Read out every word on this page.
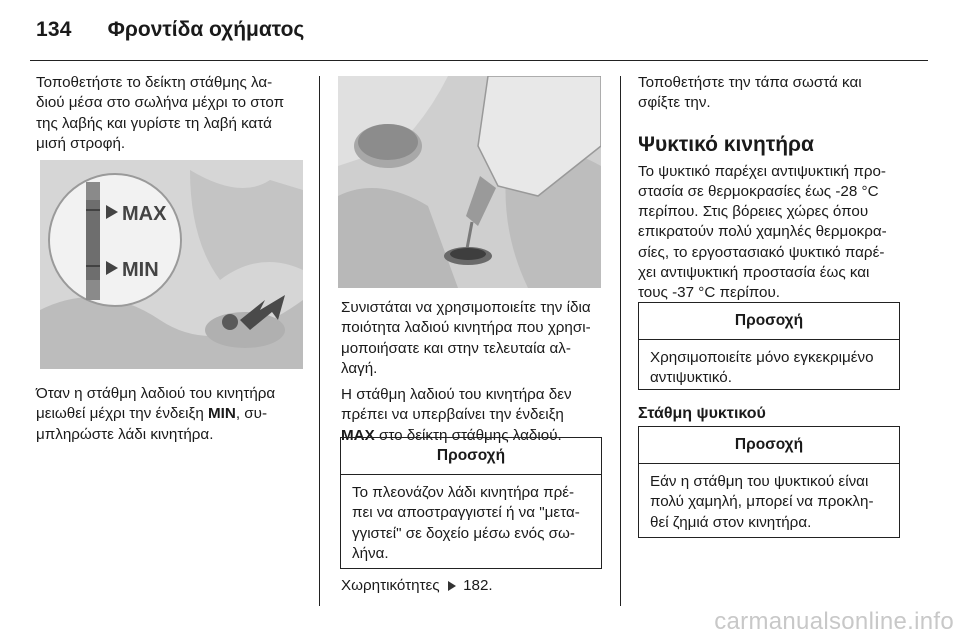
134 Φροντίδα οχήματος
Τοποθετήστε το δείκτη στάθμης λα-
διού μέσα στο σωλήνα μέχρι το στοπ
της λαβής και γυρίστε τη λαβή κατά
μισή στροφή.
MAX
MIN
Όταν η στάθμη λαδιού του κινητήρα
μειωθεί μέχρι την ένδειξη MIN, συ-
μπληρώστε λάδι κινητήρα.
Συνιστάται να χρησιμοποιείτε την ίδια
ποιότητα λαδιού κινητήρα που χρησι-
μοποιήσατε και στην τελευταία αλ-
λαγή.
Η στάθμη λαδιού του κινητήρα δεν
πρέπει να υπερβαίνει την ένδειξη
MAX στο δείκτη στάθμης λαδιού.
Προσοχή
Το πλεονάζον λάδι κινητήρα πρέ-
πει να αποστραγγιστεί ή να "μετα-
γγιστεί" σε δοχείο μέσω ενός σω-
λήνα.
Χωρητικότητες 182.
Τοποθετήστε την τάπα σωστά και
σφίξτε την.
Ψυκτικό κινητήρα
Το ψυκτικό παρέχει αντιψυκτική προ-
στασία σε θερμοκρασίες έως -28 °C
περίπου. Στις βόρειες χώρες όπου
επικρατούν πολύ χαμηλές θερμοκρα-
σίες, το εργοστασιακό ψυκτικό παρέ-
χει αντιψυκτική προστασία έως και
τους -37 °C περίπου.
Προσοχή
Χρησιμοποιείτε μόνο εγκεκριμένο
αντιψυκτικό.
Στάθμη ψυκτικού
Προσοχή
Εάν η στάθμη του ψυκτικού είναι
πολύ χαμηλή, μπορεί να προκλη-
θεί ζημιά στον κινητήρα.
carmanualsonline.info
